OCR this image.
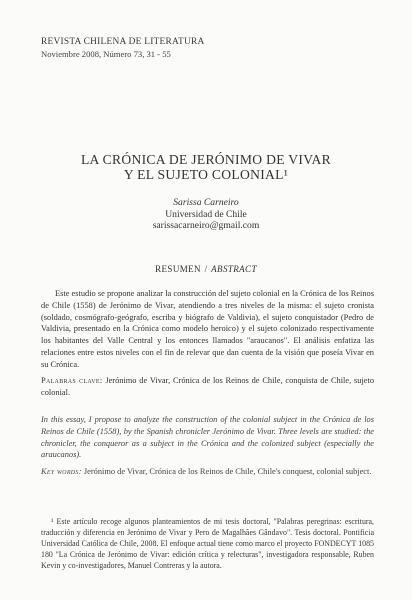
REVISTA CHILENA DE LITERATURA
Noviembre 2008, Número 73, 31 - 55
LA CRÓNICA DE JERÓNIMO DE VIVAR
Y EL SUJETO COLONIAL¹
Sarissa Carneiro
Universidad de Chile
sarissacarneiro@gmail.com
RESUMEN / ABSTRACT
Este estudio se propone analizar la construcción del sujeto colonial en la Crónica de los Reinos de Chile (1558) de Jerónimo de Vivar, atendiendo a tres niveles de la misma: el sujeto cronista (soldado, cosmógrafo-geógrafo, escriba y biógrafo de Valdivia), el sujeto conquistador (Pedro de Valdivia, presentado en la Crónica como modelo heroico) y el sujeto colonizado respectivamente los habitantes del Valle Central y los entonces llamados "araucanos". El análisis enfatiza las relaciones entre estos niveles con el fin de relevar que dan cuenta de la visión que poseía Vivar en su Crónica.
Palabras clave: Jerónimo de Vivar, Crónica de los Reinos de Chile, conquista de Chile, sujeto colonial.
In this essay, I propose to analyze the construction of the colonial subject in the Crónica de los Reinos de Chile (1558), by the Spanish chronicler Jerónimo de Vivar. Three levels are studied: the chronicler, the conqueror as a subject in the Crónica and the colonized subject (especially the araucanos).
Key words: Jerónimo de Vivar, Crónica de los Reinos de Chile, Chile's conquest, colonial subject.
¹ Este artículo recoge algunos planteamientos de mi tesis doctoral, "Palabras peregrinas: escritura, traducción y diferencia en Jerónimo de Vivar y Pero de Magalhães Gândavo". Tesis doctoral. Pontificia Universidad Católica de Chile, 2008. El enfoque actual tiene como marco el proyecto FONDECYT 1085 180 "La Crónica de Jerónimo de Vivar: edición crítica y relecturas", investigadora responsable, Ruben Kevin y co-investigadores, Manuel Contreras y la autora.
